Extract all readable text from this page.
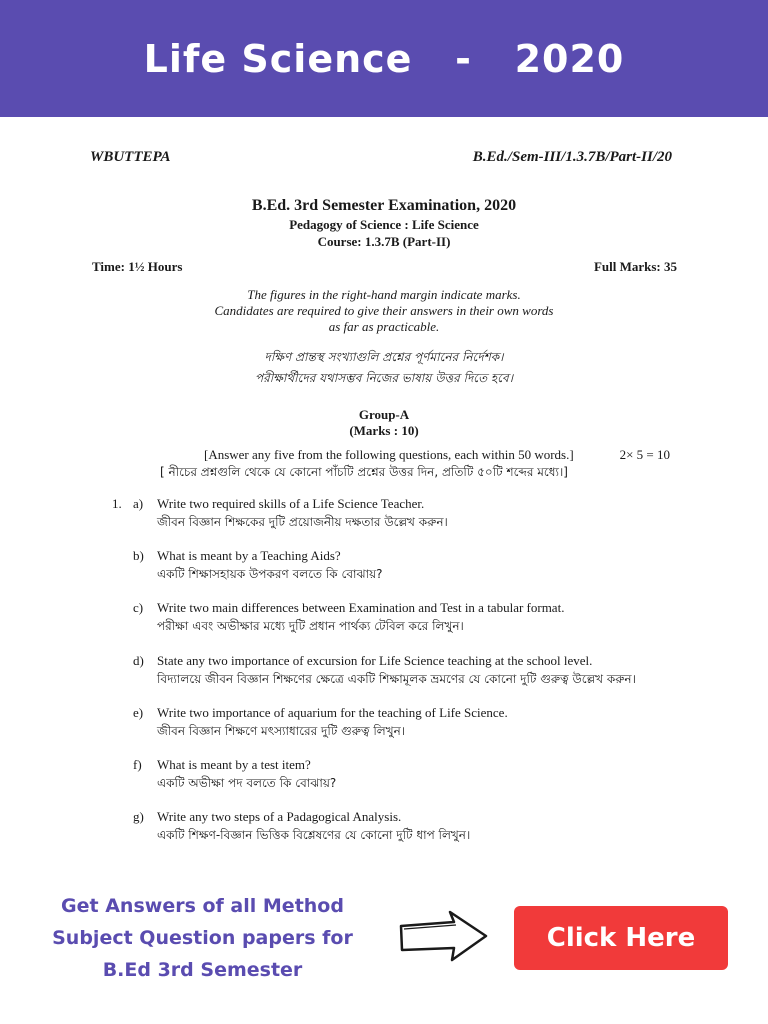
Life Science   -   2020
WBUTTEPA	B.Ed./Sem-III/1.3.7B/Part-II/20
B.Ed. 3rd Semester Examination, 2020
Pedagogy of Science : Life Science
Course: 1.3.7B (Part-II)
Time: 1½ Hours	Full Marks: 35
The figures in the right-hand margin indicate marks.
Candidates are required to give their answers in their own words
as far as practicable.
দক্ষিণ প্রান্তস্থ সংখ্যাগুলি প্রশ্নের পূর্ণমানের নির্দেশক।
পরীক্ষার্থীদের যথাসম্ভব নিজের ভাষায় উত্তর দিতে হবে।
Group-A
(Marks : 10)
[Answer any five from the following questions, each within 50 words.]	2× 5 = 10
[ নীচের প্রশ্নগুলি থেকে যে কোনো পাঁচটি প্রশ্নের উত্তর দিন, প্রতিটি ৫০টি শব্দের মধ্যে।]
1. a) Write two required skills of a Life Science Teacher.
জীবন বিজ্ঞান শিক্ষকের দুটি প্রয়োজনীয় দক্ষতার উল্লেখ করুন।
b) What is meant by a Teaching Aids?
একটি শিক্ষাসহায়ক উপকরণ বলতে কি বোঝায়?
c) Write two main differences between Examination and Test in a tabular format.
পরীক্ষা এবং অভীক্ষার মধ্যে দুটি প্রধান পার্থক্য টেবিল করে লিখুন।
d) State any two importance of excursion for Life Science teaching at the school level.
বিদ্যালয়ে জীবন বিজ্ঞান শিক্ষণের ক্ষেত্রে একটি শিক্ষামূলক ভ্রমণের যে কোনো দুটি গুরুত্ব উল্লেখ করুন।
e) Write two importance of aquarium for the teaching of Life Science.
জীবন বিজ্ঞান শিক্ষণে মৎস্যাধারের দুটি গুরুত্ব লিখুন।
f) What is meant by a test item?
একটি অভীক্ষা পদ বলতে কি বোঝায়?
g) Write any two steps of a Padagogical Analysis.
একটি শিক্ষণ-বিজ্ঞান ভিত্তিক বিশ্লেষণের যে কোনো দুটি ধাপ লিখুন।
Get Answers of all Method
Subject Question papers for
B.Ed 3rd Semester
Click Here
